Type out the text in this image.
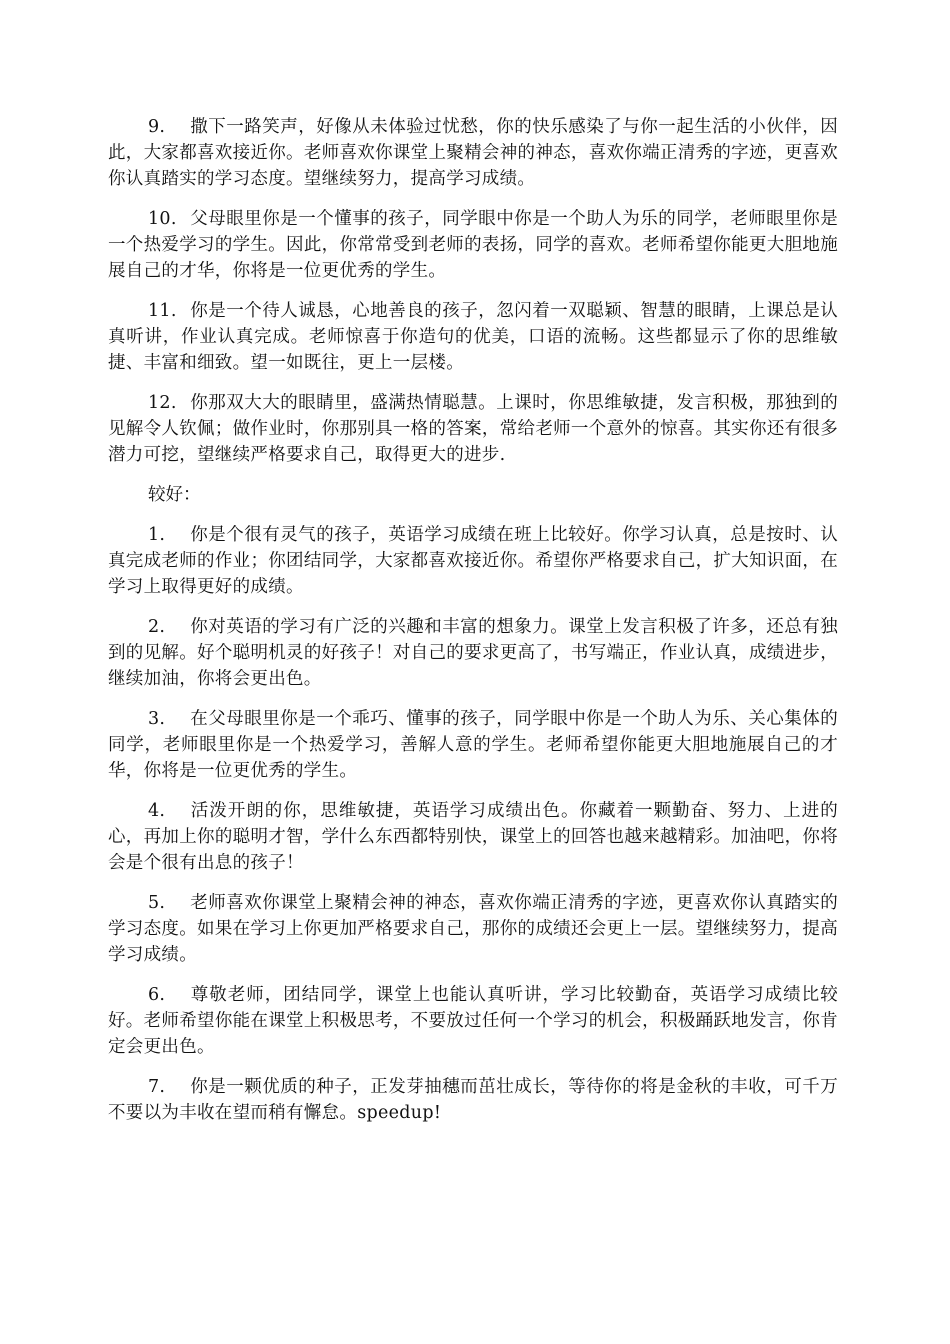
9. 撒下一路笑声，好像从未体验过忧愁，你的快乐感染了与你一起生活的小伙伴，因此，大家都喜欢接近你。老师喜欢你课堂上聚精会神的神态，喜欢你端正清秀的字迹，更喜欢你认真踏实的学习态度。望继续努力，提高学习成绩。

10. 父母眼里你是一个懂事的孩子，同学眼中你是一个助人为乐的同学，老师眼里你是一个热爱学习的学生。因此，你常常受到老师的表扬，同学的喜欢。老师希望你能更大胆地施展自己的才华，你将是一位更优秀的学生。

11. 你是一个待人诚恳，心地善良的孩子，忽闪着一双聪颖、智慧的眼睛，上课总是认真听讲，作业认真完成。老师惊喜于你造句的优美，口语的流畅。这些都显示了你的思维敏捷、丰富和细致。望一如既往，更上一层楼。

12. 你那双大大的眼睛里，盛满热情聪慧。上课时，你思维敏捷，发言积极，那独到的见解令人钦佩；做作业时，你那别具一格的答案，常给老师一个意外的惊喜。其实你还有很多潜力可挖，望继续严格要求自己，取得更大的进步.

较好：

1. 你是个很有灵气的孩子，英语学习成绩在班上比较好。你学习认真，总是按时、认真完成老师的作业；你团结同学，大家都喜欢接近你。希望你严格要求自己，扩大知识面，在学习上取得更好的成绩。

2. 你对英语的学习有广泛的兴趣和丰富的想象力。课堂上发言积极了许多，还总有独到的见解。好个聪明机灵的好孩子！对自己的要求更高了，书写端正，作业认真，成绩进步，继续加油，你将会更出色。

3. 在父母眼里你是一个乖巧、懂事的孩子，同学眼中你是一个助人为乐、关心集体的同学，老师眼里你是一个热爱学习，善解人意的学生。老师希望你能更大胆地施展自己的才华，你将是一位更优秀的学生。

4. 活泼开朗的你，思维敏捷，英语学习成绩出色。你藏着一颗勤奋、努力、上进的心，再加上你的聪明才智，学什么东西都特别快，课堂上的回答也越来越精彩。加油吧，你将会是个很有出息的孩子！

5. 老师喜欢你课堂上聚精会神的神态，喜欢你端正清秀的字迹，更喜欢你认真踏实的学习态度。如果在学习上你更加严格要求自己，那你的成绩还会更上一层。望继续努力，提高学习成绩。

6. 尊敬老师，团结同学，课堂上也能认真听讲，学习比较勤奋，英语学习成绩比较好。老师希望你能在课堂上积极思考，不要放过任何一个学习的机会，积极踊跃地发言，你肯定会更出色。

7. 你是一颗优质的种子，正发芽抽穗而茁壮成长，等待你的将是金秋的丰收，可千万不要以为丰收在望而稍有懈怠。speedup!
